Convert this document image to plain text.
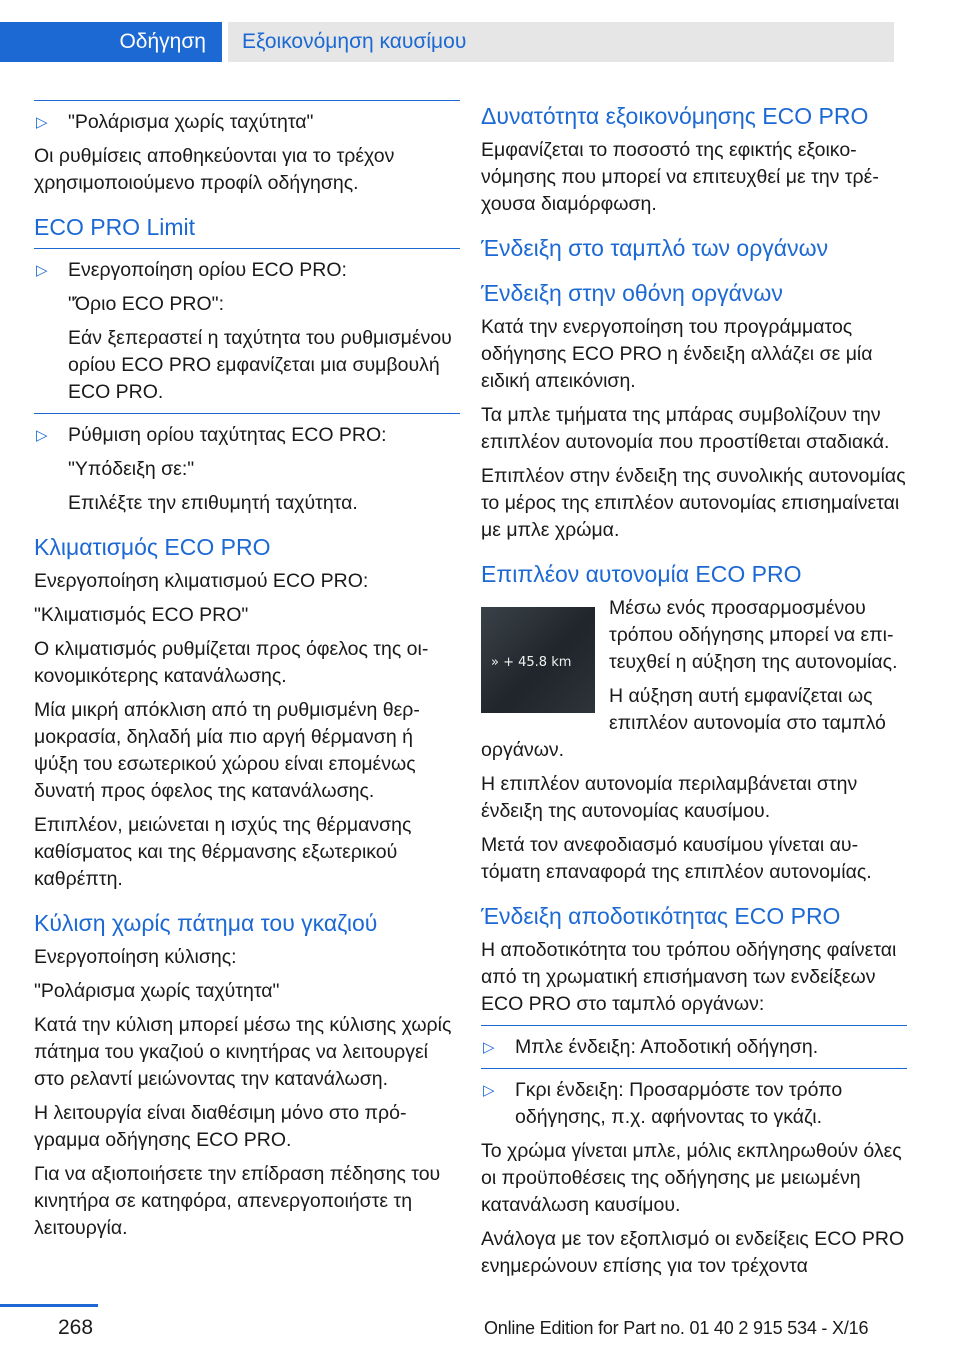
Οδήγηση	Εξοικονόμηση καυσίμου
▷ "Ρολάρισμα χωρίς ταχύτητα"

Οι ρυθμίσεις αποθηκεύονται για το τρέχον χρησιμοποιούμενο προφίλ οδήγησης.

ECO PRO Limit
▷ Ενεργοποίηση ορίου ECO PRO:

"Όριο ECO PRO":

Εάν ξεπεραστεί η ταχύτητα του ρυθμισμένου ορίου ECO PRO εμφανίζεται μια συμβουλή ECO PRO.

▷ Ρύθμιση ορίου ταχύτητας ECO PRO:

"Υπόδειξη σε:"

Επιλέξτε την επιθυμητή ταχύτητα.

Κλιματισμός ECO PRO

Ενεργοποίηση κλιματισμού ECO PRO:

"Κλιματισμός ECO PRO"

Ο κλιματισμός ρυθμίζεται προς όφελος της οικονομικότερης κατανάλωσης.

Μία μικρή απόκλιση από τη ρυθμισμένη θερμοκρασία, δηλαδή μία πιο αργή θέρμανση ή ψύξη του εσωτερικού χώρου είναι επομένως δυνατή προς όφελος της κατανάλωσης.

Επιπλέον, μειώνεται η ισχύς της θέρμανσης καθίσματος και της θέρμανσης εξωτερικού καθρέπτη.

Κύλιση χωρίς πάτημα του γκαζιού

Ενεργοποίηση κύλισης:

"Ρολάρισμα χωρίς ταχύτητα"

Κατά την κύλιση μπορεί μέσω της κύλισης χωρίς πάτημα του γκαζιού ο κινητήρας να λειτουργεί στο ρελαντί μειώνοντας την κατανάλωση.

Η λειτουργία είναι διαθέσιμη μόνο στο πρόγραμμα οδήγησης ECO PRO.

Για να αξιοποιήσετε την επίδραση πέδησης του κινητήρα σε κατηφόρα, απενεργοποιήστε τη λειτουργία.

Δυνατότητα εξοικονόμησης ECO PRO

Εμφανίζεται το ποσοστό της εφικτής εξοικονόμησης που μπορεί να επιτευχθεί με την τρέχουσα διαμόρφωση.

Ένδειξη στο ταμπλό των οργάνων
Ένδειξη στην οθόνη οργάνων

Κατά την ενεργοποίηση του προγράμματος οδήγησης ECO PRO η ένδειξη αλλάζει σε μία ειδική απεικόνιση.

Τα μπλε τμήματα της μπάρας συμβολίζουν την επιπλέον αυτονομία που προστίθεται σταδιακά.

Επιπλέον στην ένδειξη της συνολικής αυτονομίας το μέρος της επιπλέον αυτονομίας επισημαίνεται με μπλε χρώμα.

Επιπλέον αυτονομία ECO PRO
» + 45.8 km

Μέσω ενός προσαρμοσμένου τρόπου οδήγησης μπορεί να επιτευχθεί η αύξηση της αυτονομίας.

Η αύξηση αυτή εμφανίζεται ως επιπλέον αυτονομία στο ταμπλό οργάνων.

Η επιπλέον αυτονομία περιλαμβάνεται στην ένδειξη της αυτονομίας καυσίμου.

Μετά τον ανεφοδιασμό καυσίμου γίνεται αυτόματη επαναφορά της επιπλέον αυτονομίας.

Ένδειξη αποδοτικότητας ECO PRO

Η αποδοτικότητα του τρόπου οδήγησης φαίνεται από τη χρωματική επισήμανση των ενδείξεων ECO PRO στο ταμπλό οργάνων:

▷ Μπλε ένδειξη: Αποδοτική οδήγηση.
▷ Γκρι ένδειξη: Προσαρμόστε τον τρόπο οδήγησης, π.χ. αφήνοντας το γκάζι.

Το χρώμα γίνεται μπλε, μόλις εκπληρωθούν όλες οι προϋποθέσεις της οδήγησης με μειωμένη κατανάλωση καυσίμου.

Ανάλογα με τον εξοπλισμό οι ενδείξεις ECO PRO ενημερώνουν επίσης για τον τρέχοντα

268	Online Edition for Part no. 01 40 2 915 534 - X/16
